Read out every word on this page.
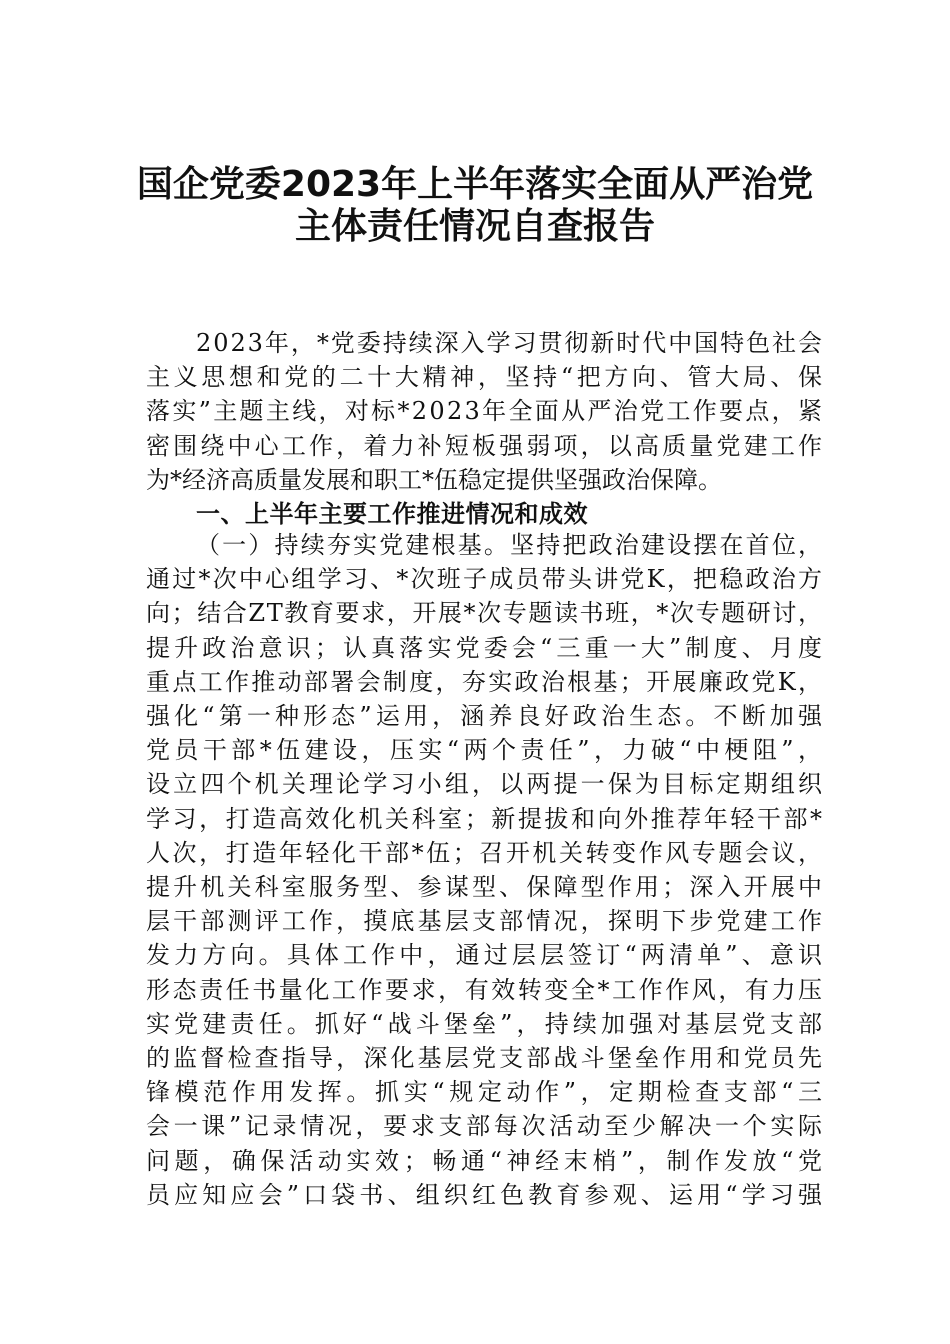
国企党委2023年上半年落实全面从严治党
主体责任情况自查报告
2023年，*党委持续深入学习贯彻新时代中国特色社会
主义思想和党的二十大精神，坚持“把方向、管大局、保
落实”主题主线，对标*2023年全面从严治党工作要点，紧
密围绕中心工作，着力补短板强弱项，以高质量党建工作
为*经济高质量发展和职工*伍稳定提供坚强政治保障。
一、上半年主要工作推进情况和成效
（一）持续夯实党建根基。坚持把政治建设摆在首位，
通过*次中心组学习、*次班子成员带头讲党K，把稳政治方
向；结合ZT教育要求，开展*次专题读书班，*次专题研讨，
提升政治意识；认真落实党委会“三重一大”制度、月度
重点工作推动部署会制度，夯实政治根基；开展廉政党K，
强化“第一种形态”运用，涵养良好政治生态。不断加强
党员干部*伍建设，压实“两个责任”，力破“中梗阻”，
设立四个机关理论学习小组，以两提一保为目标定期组织
学习，打造高效化机关科室；新提拔和向外推荐年轻干部*
人次，打造年轻化干部*伍；召开机关转变作风专题会议，
提升机关科室服务型、参谋型、保障型作用；深入开展中
层干部测评工作，摸底基层支部情况，探明下步党建工作
发力方向。具体工作中，通过层层签订“两清单”、意识
形态责任书量化工作要求，有效转变全*工作作风，有力压
实党建责任。抓好“战斗堡垒”，持续加强对基层党支部
的监督检查指导，深化基层党支部战斗堡垒作用和党员先
锋模范作用发挥。抓实“规定动作”，定期检查支部“三
会一课”记录情况，要求支部每次活动至少解决一个实际
问题，确保活动实效；畅通“神经末梢”，制作发放“党
员应知应会”口袋书、组织红色教育参观、运用“学习强
